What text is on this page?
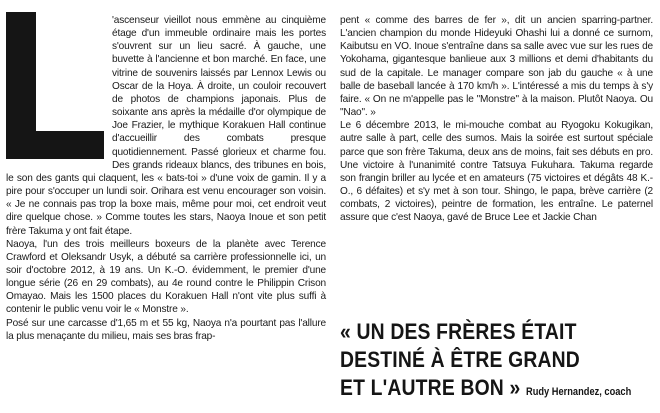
'ascenseur vieillot nous emmène au cinquième étage d'un immeuble ordinaire mais les portes s'ouvrent sur un lieu sacré. À gauche, une buvette à l'ancienne et bon marché. En face, une vitrine de souvenirs laissés par Lennox Lewis ou Oscar de la Hoya. À droite, un couloir recouvert de photos de champions japonais. Plus de soixante ans après la médaille d'or olympique de Joe Frazier, le mythique Korakuen Hall continue d'accueillir des combats presque quotidiennement. Passé glorieux et charme fou. Des grands rideaux blancs, des tribunes en bois, le son des gants qui claquent, les « bats-toi » d'une voix de gamin. Il y a pire pour s'occuper un lundi soir. Orihara est venu encourager son voisin. « Je ne connais pas trop la boxe mais, même pour moi, cet endroit veut dire quelque chose. » Comme toutes les stars, Naoya Inoue et son petit frère Takuma y ont fait étape.

Naoya, l'un des trois meilleurs boxeurs de la planète avec Terence Crawford et Oleksandr Usyk, a débuté sa carrière professionnelle ici, un soir d'octobre 2012, à 19 ans. Un K.-O. évidemment, le premier d'une longue série (26 en 29 combats), au 4e round contre le Philippin Crison Omayao. Mais les 1500 places du Korakuen Hall n'ont vite plus suffi à contenir le public venu voir le « Monstre ».

Posé sur une carcasse d'1,65 m et 55 kg, Naoya n'a pourtant pas l'allure la plus menaçante du milieu, mais ses bras frap-

pent « comme des barres de fer », dit un ancien sparring-partner. L'ancien champion du monde Hideyuki Ohashi lui a donné ce surnom, Kaibutsu en VO. Inoue s'entraîne dans sa salle avec vue sur les rues de Yokohama, gigantesque banlieue aux 3 millions et demi d'habitants du sud de la capitale. Le manager compare son jab du gauche « à une balle de baseball lancée à 170 km/h ». L'intéressé a mis du temps à s'y faire. « On ne m'appelle pas le "Monstre" à la maison. Plutôt Naoya. Ou "Nao". »

Le 6 décembre 2013, le mi-mouche combat au Ryogoku Kokugikan, autre salle à part, celle des sumos. Mais la soirée est surtout spéciale parce que son frère Takuma, deux ans de moins, fait ses débuts en pro. Une victoire à l'unanimité contre Tatsuya Fukuhara. Takuma regarde son frangin briller au lycée et en amateurs (75 victoires et dégâts 48 K.-O., 6 défaites) et s'y met à son tour. Shingo, le papa, brève carrière (2 combats, 2 victoires), peintre de formation, les entraîne. Le paternel assure que c'est Naoya, gavé de Bruce Lee et Jackie Chan

« UN DES FRÈRES ÉTAIT
DESTINÉ À ÊTRE GRAND
ET L'AUTRE BON » Rudy Hernandez, coach
